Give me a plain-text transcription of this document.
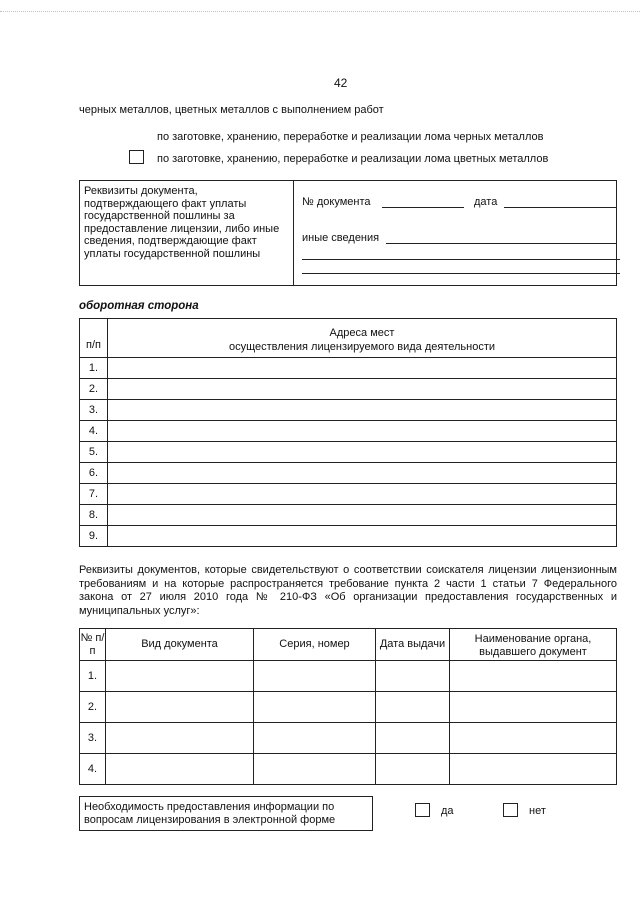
42
черных металлов, цветных металлов с выполнением работ
по заготовке, хранению, переработке и реализации лома черных металлов
по заготовке, хранению, переработке и реализации лома цветных металлов
Реквизиты документа, подтверждающего факт уплаты государственной пошлины за предоставление лицензии, либо иные сведения, подтверждающие факт уплаты государственной пошлины	
№ документа	дата
иные сведения
оборотная сторона
п/п	Адреса мест
осуществления лицензируемого вида деятельности

1.	
2.	
3.	
4.	
5.	
6.	
7.	
8.	
9.	
Реквизиты документов, которые свидетельствуют о соответствии соискателя лицензии лицензионным требованиям и на которые распространяется требование пункта 2 части 1 статьи 7 Федерального закона от 27 июля 2010 года № 210-ФЗ «Об организации предоставления государственных и муниципальных услуг»:
№ п/п	Вид документа	Серия, номер	Дата выдачи	Наименование органа, выдавшего документ
1.				
2.				
3.				
4.				
Необходимость предоставления информации по вопросам лицензирования в электронной форме	
да	нет
